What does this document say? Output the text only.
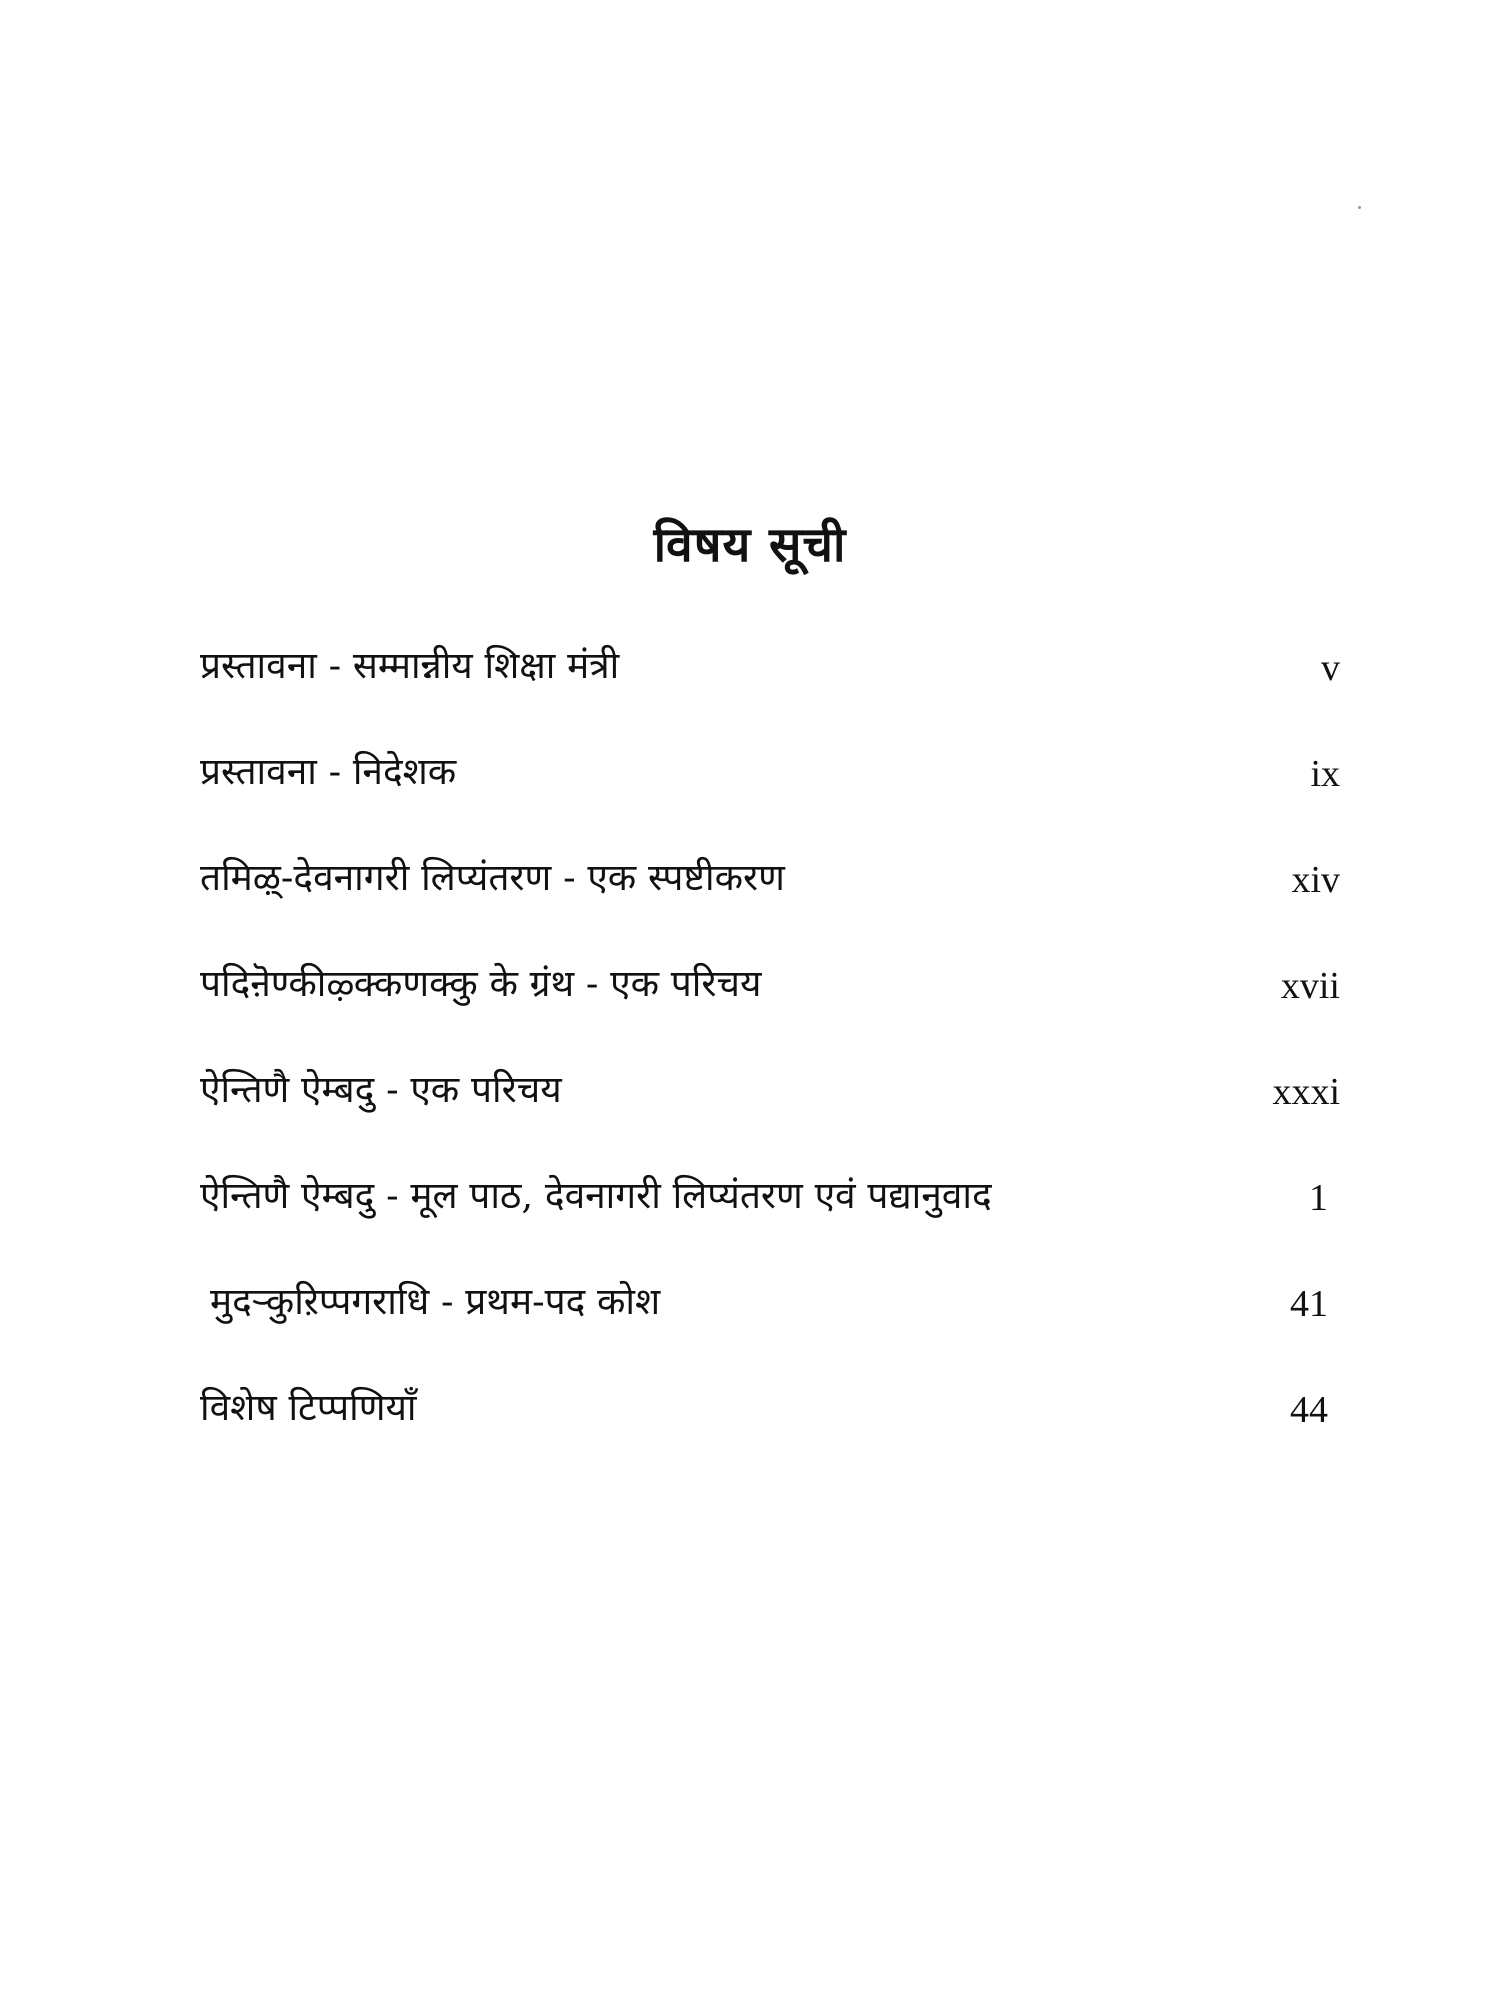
विषय सूची
प्रस्तावना - सम्मान्नीय शिक्षा मंत्री	v
प्रस्तावना - निदेशक	ix
तमिऴ्-देवनागरी लिप्यंतरण - एक स्पष्टीकरण	xiv
पदिऩॆण्कीऴ्क्कणक्कु के ग्रंथ - एक परिचय	xvii
ऐन्तिणै ऐम्बदु - एक परिचय	xxxi
ऐन्तिणै ऐम्बदु - मूल पाठ, देवनागरी लिप्यंतरण एवं पद्यानुवाद	1
मुदऱ्कुऱिप्पगराधि - प्रथम-पद कोश	41
विशेष टिप्पणियाँ	44
